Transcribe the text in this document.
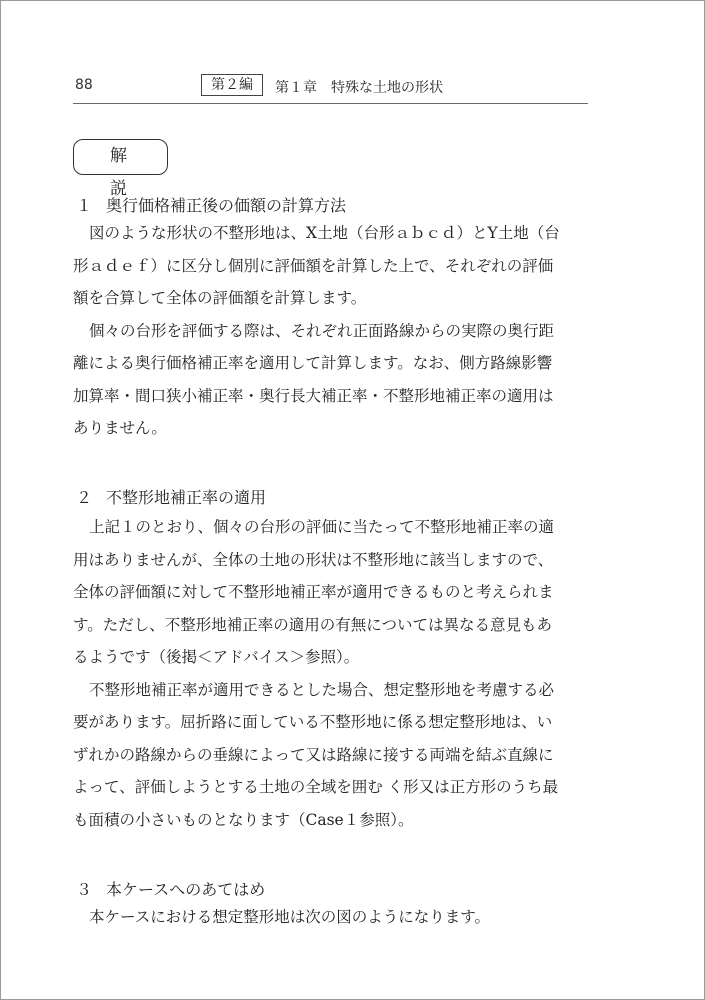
88	第２編	第１章　特殊な土地の形状
解　説
１ 奥行価格補正後の価額の計算方法

図のような形状の不整形地は、X土地（台形ａｂｃｄ）とY土地（台
形ａｄｅｆ）に区分し個別に評価額を計算した上で、それぞれの評価
額を合算して全体の評価額を計算します。

個々の台形を評価する際は、それぞれ正面路線からの実際の奥行距
離による奥行価格補正率を適用して計算します。なお、側方路線影響
加算率・間口狭小補正率・奥行長大補正率・不整形地補正率の適用は
ありません。

２ 不整形地補正率の適用

上記１のとおり、個々の台形の評価に当たって不整形地補正率の適
用はありませんが、全体の土地の形状は不整形地に該当しますので、
全体の評価額に対して不整形地補正率が適用できるものと考えられま
す。ただし、不整形地補正率の適用の有無については異なる意見もあ
るようです（後掲＜アドバイス＞参照）。

不整形地補正率が適用できるとした場合、想定整形地を考慮する必
要があります。屈折路に面している不整形地に係る想定整形地は、い
ずれかの路線からの垂線によって又は路線に接する両端を結ぶ直線に
よって、評価しようとする土地の全域を囲む く形又は正方形のうち最
も面積の小さいものとなります（Case１参照）。

３ 本ケースへのあてはめ

本ケースにおける想定整形地は次の図のようになります。
